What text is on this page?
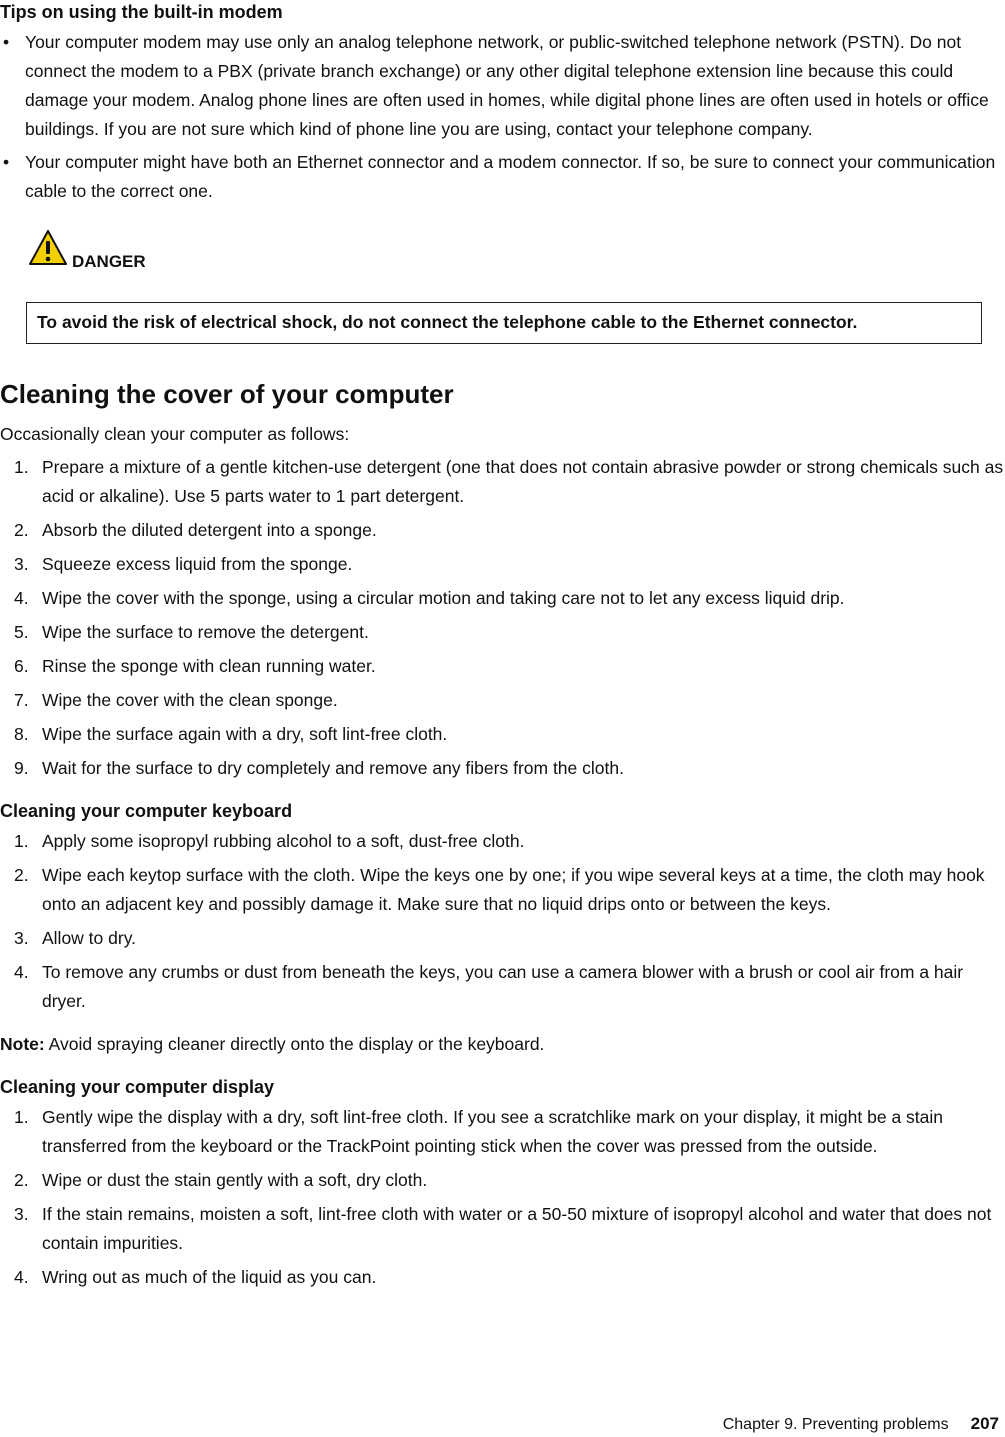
Tips on using the built-in modem
• Your computer modem may use only an analog telephone network, or public-switched telephone network (PSTN). Do not connect the modem to a PBX (private branch exchange) or any other digital telephone extension line because this could damage your modem. Analog phone lines are often used in homes, while digital phone lines are often used in hotels or office buildings. If you are not sure which kind of phone line you are using, contact your telephone company.
• Your computer might have both an Ethernet connector and a modem connector. If so, be sure to connect your communication cable to the correct one.
DANGER
To avoid the risk of electrical shock, do not connect the telephone cable to the Ethernet connector.
Cleaning the cover of your computer

Occasionally clean your computer as follows:

1. Prepare a mixture of a gentle kitchen-use detergent (one that does not contain abrasive powder or strong chemicals such as acid or alkaline). Use 5 parts water to 1 part detergent.
2. Absorb the diluted detergent into a sponge.
3. Squeeze excess liquid from the sponge.
4. Wipe the cover with the sponge, using a circular motion and taking care not to let any excess liquid drip.
5. Wipe the surface to remove the detergent.
6. Rinse the sponge with clean running water.
7. Wipe the cover with the clean sponge.
8. Wipe the surface again with a dry, soft lint-free cloth.
9. Wait for the surface to dry completely and remove any fibers from the cloth.
Cleaning your computer keyboard
1. Apply some isopropyl rubbing alcohol to a soft, dust-free cloth.
2. Wipe each keytop surface with the cloth. Wipe the keys one by one; if you wipe several keys at a time, the cloth may hook onto an adjacent key and possibly damage it. Make sure that no liquid drips onto or between the keys.
3. Allow to dry.
4. To remove any crumbs or dust from beneath the keys, you can use a camera blower with a brush or cool air from a hair dryer.

Note: Avoid spraying cleaner directly onto the display or the keyboard.

Cleaning your computer display
1. Gently wipe the display with a dry, soft lint-free cloth. If you see a scratchlike mark on your display, it might be a stain transferred from the keyboard or the TrackPoint pointing stick when the cover was pressed from the outside.
2. Wipe or dust the stain gently with a soft, dry cloth.
3. If the stain remains, moisten a soft, lint-free cloth with water or a 50-50 mixture of isopropyl alcohol and water that does not contain impurities.
4. Wring out as much of the liquid as you can.
Chapter 9. Preventing problems 207
